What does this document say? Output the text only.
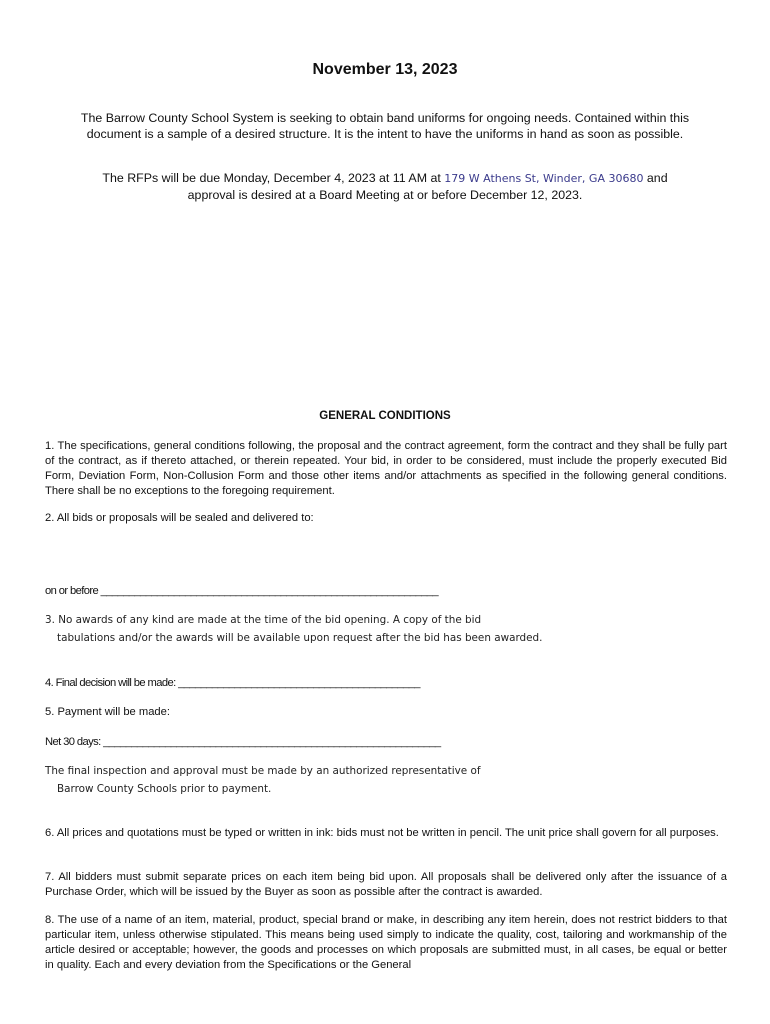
November 13, 2023
The Barrow County School System is seeking to obtain band uniforms for ongoing needs. Contained within this
document is a sample of a desired structure. It is the intent to have the uniforms in hand as soon as possible.
The RFPs will be due Monday, December 4, 2023 at 11 AM at 179 W Athens St, Winder, GA 30680 and
approval is desired at a Board Meeting at or before December 12, 2023.
GENERAL CONDITIONS
1. The specifications, general conditions following, the proposal and the contract agreement, form the contract and they shall be fully part of the contract, as if thereto attached, or therein repeated. Your bid, in order to be considered, must include the properly executed Bid Form, Deviation Form, Non-Collusion Form and those other items and/or attachments as specified in the following general conditions. There shall be no exceptions to the foregoing requirement.
2. All bids or proposals will be sealed and delivered to:
on or before ____________________________________________________________
3. No awards of any kind are made at the time of the bid opening. A copy of the bid
tabulations and/or the awards will be available upon request after the bid has been awarded.
4. Final decision will be made: ___________________________________________
5. Payment will be made:
Net 30 days: ____________________________________________________________
The final inspection and approval must be made by an authorized representative of
Barrow County Schools prior to payment.
6. All prices and quotations must be typed or written in ink: bids must not be written in pencil. The unit price shall govern for all purposes.
7. All bidders must submit separate prices on each item being bid upon. All proposals shall be delivered only after the issuance of a Purchase Order, which will be issued by the Buyer as soon as possible after the contract is awarded.
8. The use of a name of an item, material, product, special brand or make, in describing any item herein, does not restrict bidders to that particular item, unless otherwise stipulated. This means being used simply to indicate the quality, cost, tailoring and workmanship of the article desired or acceptable; however, the goods and processes on which proposals are submitted must, in all cases, be equal or better in quality. Each and every deviation from the Specifications or the General
